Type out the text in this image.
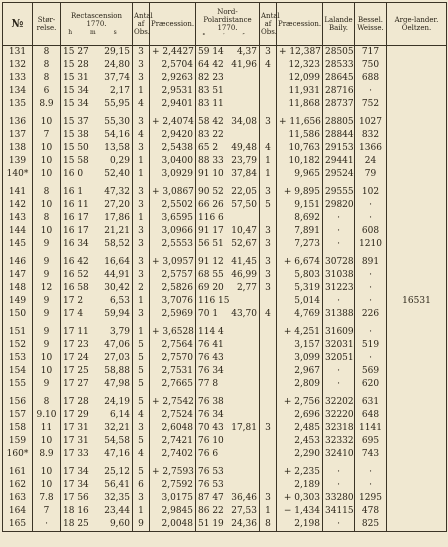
№	Stør-relse.	Rectascension 1770.
h m s	Antal af Obs.	Præcession.	Nord-Polardistance 1770.
° ′ ″	Antal af Obs.	Præcession.	Lalande Baily.	Bessel. Weisse.	Arge-lander. Oeltzen.
131	8	15 27 29,15	3	+ 2,4427	59 14 4,37	3	+ 12,387	28505	717	
132	8	15 28 24,80	3	2,5704	64 42 41,96	4	12,323	28533	750	
133	8	15 31 37,74	3	2,9263	82 23		12,099	28645	688	
134	6	15 34 2,17	1	2,9531	83 51		11,931	28716	·	
135	8.9	15 34 55,95	4	2,9401	83 11		11,868	28737	752	

136	10	15 37 55,30	3	+ 2,4074	58 42 34,08	3	+ 11,656	28805	1027	
137	7	15 38 54,16	4	2,9420	83 22		11,586	28844	832	
138	10	15 50 13,58	3	2,5438	65 2 49,48	4	10,763	29153	1366	
139	10	15 58 0,29	1	3,0400	88 33 23,79	1	10,182	29441	24	
140*	10	16 0 52,40	1	3,0929	91 10 37,84	1	9,965	29524	79	

141	8	16 1 47,32	3	+ 3,0867	90 52 22,05	3	+ 9,895	29555	102	
142	10	16 11 27,20	3	2,5502	66 26 57,50	5	9,151	29820	·	
143	8	16 17 17,86	1	3,6595	116 6		8,692	·	·	
144	10	16 17 21,21	3	3,0966	91 17 10,47	3	7,891	·	608	
145	9	16 34 58,52	3	2,5553	56 51 52,67	3	7,273	·	1210	

146	9	16 42 16,64	3	+ 3,0957	91 12 41,45	3	+ 6,674	30728	891	
147	9	16 52 44,91	3	2,5757	68 55 46,99	3	5,803	31038	·	
148	12	16 58 30,42	2	2,5826	69 20 2,77	3	5,319	31223	·	
149	9	17 2 6,53	1	3,7076	116 15		5,014	·	·	16531
150	9	17 4 59,94	3	2,5969	70 1 43,70	4	4,769	31388	226	

151	9	17 11 3,79	1	+ 3,6528	114 4		+ 4,251	31609	·	
152	9	17 23 47,06	5	2,7564	76 41		3,157	32031	519	
153	10	17 24 27,03	5	2,7570	76 43		3,099	32051	·	
154	10	17 25 58,88	5	2,7531	76 34		2,967	·	569	
155	9	17 27 47,98	5	2,7665	77 8		2,809	·	620	

156	8	17 28 24,19	5	+ 2,7542	76 38		+ 2,756	32202	631	
157	9.10	17 29 6,14	4	2,7524	76 34		2,696	32220	648	
158	11	17 31 32,21	3	2,6048	70 43 17,81	3	2,485	32318	1141	
159	10	17 31 54,58	5	2,7421	76 10		2,453	32332	695	
160*	8.9	17 33 47,16	4	2,7402	76 6		2,290	32410	743	

161	10	17 34 25,12	5	+ 2,7593	76 53		+ 2,235	·	·	
162	10	17 34 56,41	6	2,7592	76 53		2,189	·	·	
163	7.8	17 56 32,35	3	3,0175	87 47 36,46	3	+ 0,303	33280	1295	
164	7	18 16 23,44	1	2,9845	86 22 27,53	1	− 1,434	34115	478	
165	·	18 25 9,60	9	2,0048	51 19 24,36	8	2,198	·	825	
